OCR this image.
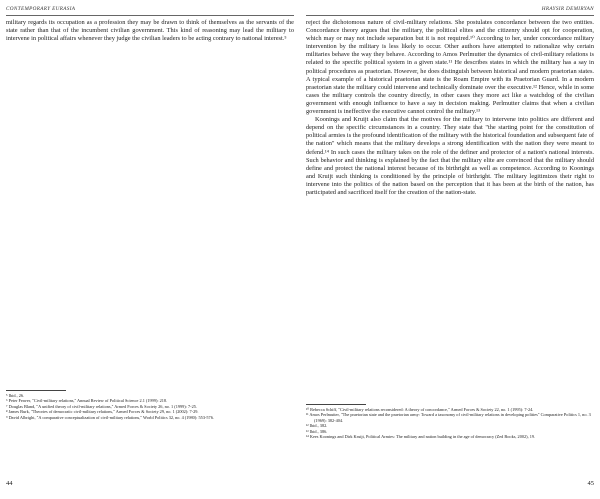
CONTEMPORARY EURASIA

military regards its occupation as a profession they may be drawn to think of themselves as the servants of the state rather than that of the incumbent civilian government. This kind of reasoning may lead the military to intervene in political affairs whenever they judge the civilian leaders to be acting contrary to national interest.⁵

⁵ Ibid., 26.

⁶ Peter Feaver, "Civil-military relations," Annual Review of Political Science 2.1 (1999): 218.

⁷ Douglas Bland, "A unified theory of civil-military relations," Armed Forces & Society 26, no. 1 (1999): 7-25.

⁸ James Burk, "Theories of democratic civil-military relations," Armed Forces & Society 29, no. 1 (2002): 7-29.

⁹ David Albright, "A comparative conceptualization of civil-military relations," World Politics 32, no. 4 (1980): 553-576.

44
HRAYSIR DEMIRYAN

reject the dichotomous nature of civil-military relations. She postulates concordance between the two entities. Concordance theory argues that the military, the political elites and the citizenry should opt for cooperation, which may or may not include separation but it is not required.¹⁰ According to her, under concordance military intervention by the military is less likely to occur. Other authors have attempted to rationalize why certain militaries behave the way they behave. According to Amos Perlmutter the dynamics of civil-military relations is related to the specific political system in a given state.¹¹ He describes states in which the military has a say in political procedures as praetorian. However, he does distinguish between historical and modern praetorian states. A typical example of a historical praetorian state is the Roam Empire with its Praetorian Guard. In a modern praetorian state the military could intervene and technically dominate over the executive.¹² Hence, while in some cases the military controls the country directly, in other cases they more act like a watchdog of the civilian government with enough influence to have a say in decision making. Perlmutter claims that when a civilian government is ineffective the executive cannot control the military.¹³

Koonings and Kruijt also claim that the motives for the military to intervene into politics are different and depend on the specific circumstances in a country. They state that "the starting point for the constitution of political armies is the profound identification of the military with the historical foundation and subsequent fate of the nation" which means that the military develops a strong identification with the nation they were meant to defend.¹⁴ In such cases the military takes on the role of the definer and protector of a nation's national interests. Such behavior and thinking is explained by the fact that the military elite are convinced that the military should define and protect the national interest because of its birthright as well as competence. According to Koonings and Kruijt such thinking is conditioned by the principle of birthright. The military legitimizes their right to intervene into the politics of the nation based on the perception that it has been at the birth of the nation, has participated and sacrificed itself for the creation of the nation-state.

¹⁰ Rebecca Schiff, "Civil-military relations reconsidered: A theory of concordance," Armed Forces & Society 22, no. 1 (1995): 7-24.

¹¹ Amos Perlmutter, "The praetorian state and the praetorian army: Toward a taxonomy of civil-military relations in developing polities" Comparative Politics 1, no. 3 (1969): 382-404.

¹² Ibid., 382.

¹³ Ibid., 386.

¹⁴ Kees Koonings and Dirk Kruijt, Political Armies: The military and nation building in the age of democracy (Zed Books, 2002), 19.

45
